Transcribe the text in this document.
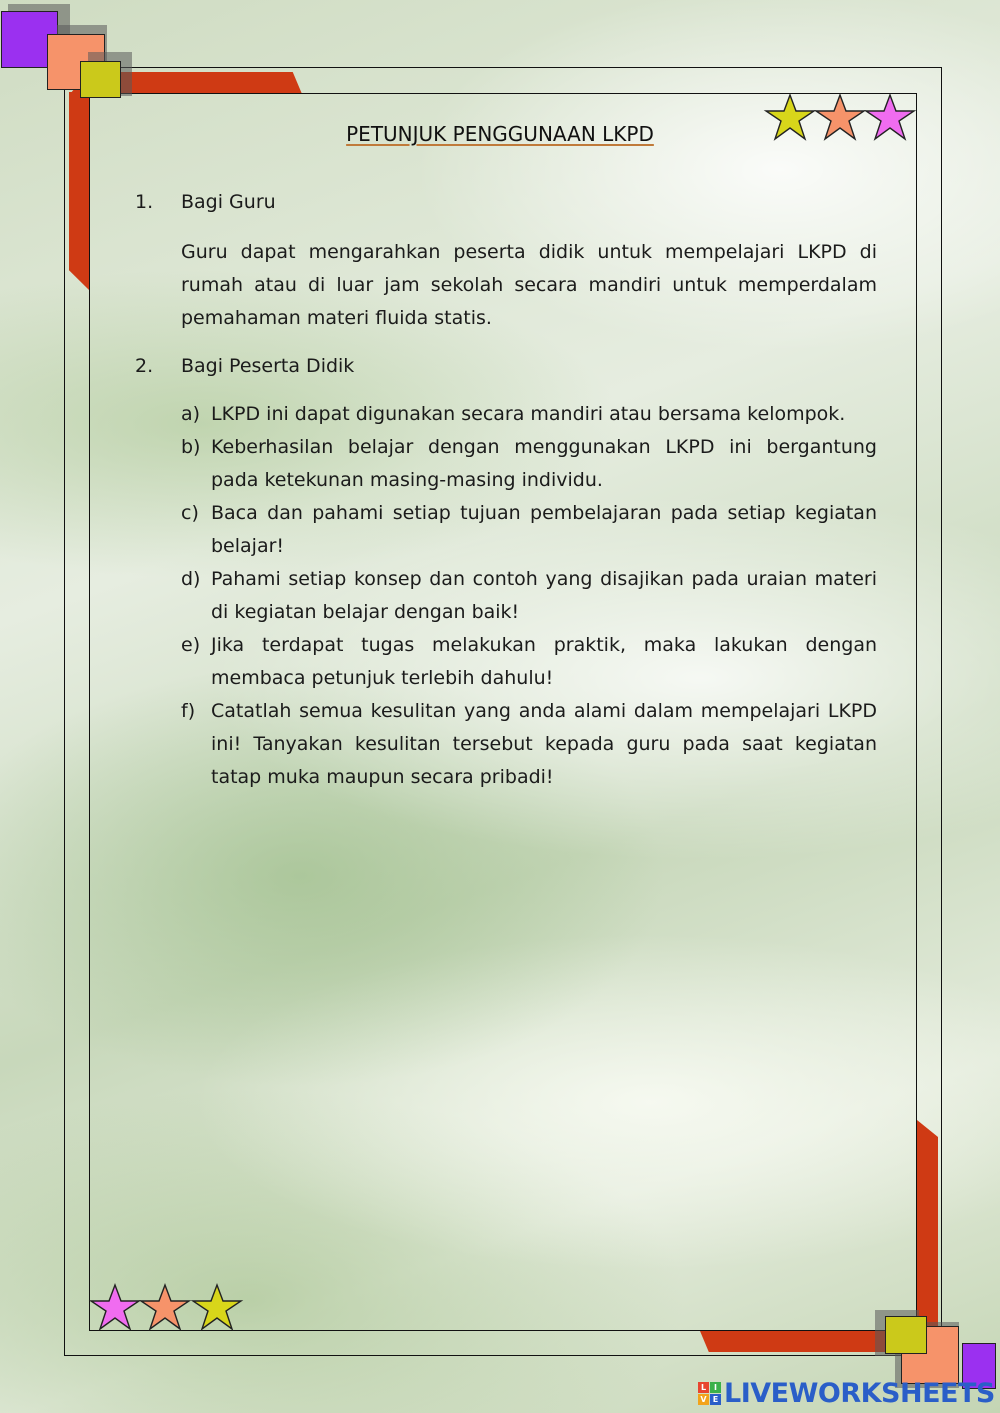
PETUNJUK PENGGUNAAN LKPD

1. Bagi Guru

Guru dapat mengarahkan peserta didik untuk mempelajari LKPD di rumah atau di luar jam sekolah secara mandiri untuk memperdalam pemahaman materi fluida statis.

2. Bagi Peserta Didik

a) LKPD ini dapat digunakan secara mandiri atau bersama kelompok.
b) Keberhasilan belajar dengan menggunakan LKPD ini bergantung pada ketekunan masing-masing individu.
c) Baca dan pahami setiap tujuan pembelajaran pada setiap kegiatan belajar!
d) Pahami setiap konsep dan contoh yang disajikan pada uraian materi di kegiatan belajar dengan baik!
e) Jika terdapat tugas melakukan praktik, maka lakukan dengan membaca petunjuk terlebih dahulu!
f) Catatlah semua kesulitan yang anda alami dalam mempelajari LKPD ini! Tanyakan kesulitan tersebut kepada guru pada saat kegiatan tatap muka maupun secara pribadi!
L I
V E LIVEWORKSHEETS
